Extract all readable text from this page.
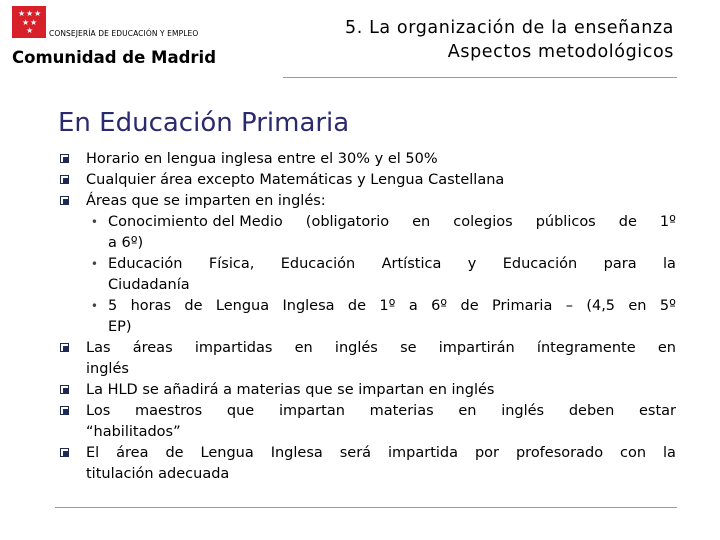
★ ★ ★
★ ★
★ CONSEJERÍA DE EDUCACIÓN Y EMPLEO
Comunidad de Madrid
5. La organización de la enseñanza
Aspectos metodológicos
En Educación Primaria
Horario en lengua inglesa entre el 30% y el 50%
Cualquier área excepto Matemáticas y Lengua Castellana
Áreas que se imparten en inglés:
• Conocimiento del Medio (obligatorio en colegios públicos de 1º
a 6º)
• Educación Física, Educación Artística y Educación para la
Ciudadanía
• 5 horas de Lengua Inglesa de 1º a 6º de Primaria – (4,5 en 5º
EP)
Las áreas impartidas en inglés se impartirán íntegramente en
inglés
La HLD se añadirá a materias que se impartan en inglés
Los maestros que impartan materias en inglés deben estar
“habilitados”
El área de Lengua Inglesa será impartida por profesorado con la
titulación adecuada
